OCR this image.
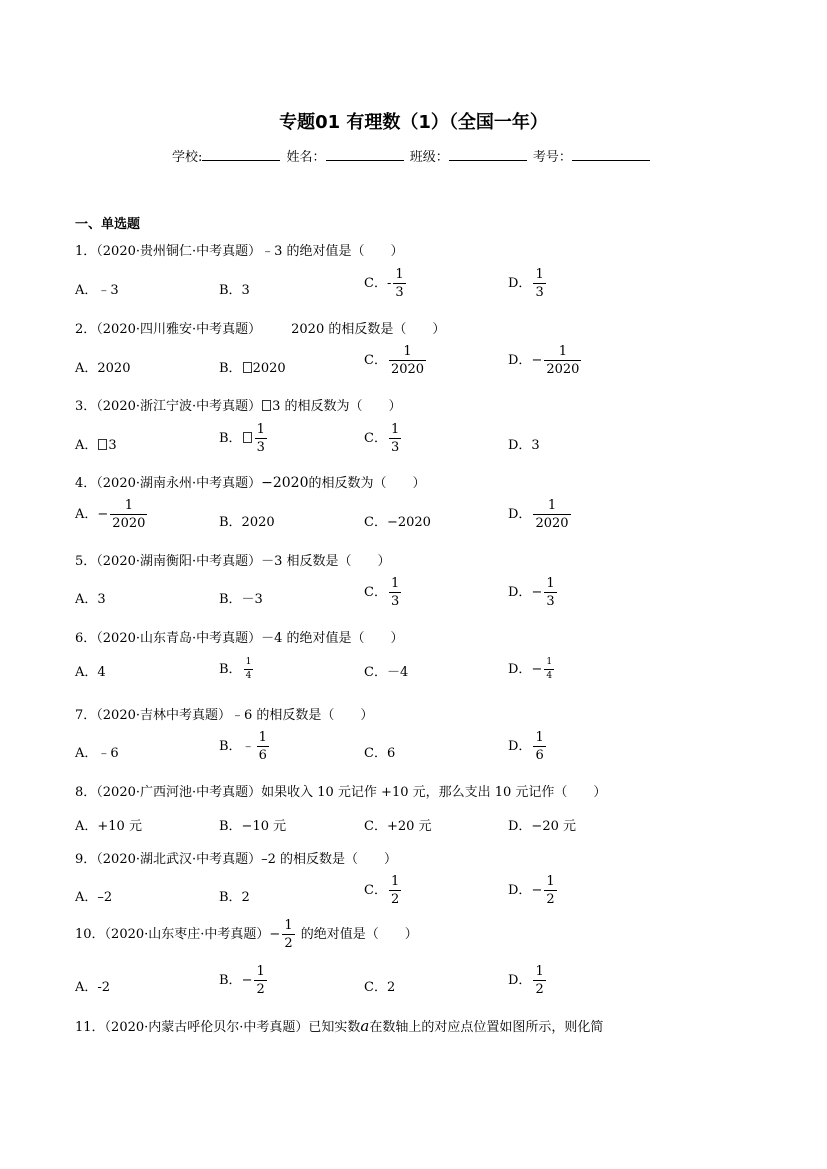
专题01 有理数（1）（全国一年）
学校:	姓名：	班级：	考号：
一、单选题
1．（2020·贵州铜仁·中考真题）﹣3 的绝对值是（　　）
A．﹣3	B．3	C．- $\frac{1}{3}$	D． $\frac{1}{3}$
2．（2020·四川雅安·中考真题） 2020 的相反数是（　　）
A．2020	B． 2020
C． $\frac{1}{2020}$	D．− $\frac{1}{2020}$
3．（2020·浙江宁波·中考真题） 3 的相反数为（　　）
A． 3	B． $\frac{1}{3}$	C． $\frac{1}{3}$	D．3
4．（2020·湖南永州·中考真题）−2020的相反数为（　　）
A．− $\frac{1}{2020}$	B．2020	C．−2020
D． $\frac{1}{2020}$
5．（2020·湖南衡阳·中考真题）－3 相反数是（　　）
A．3	B．－3	C． $\frac{1}{3}$	D．− $\frac{1}{3}$
6．（2020·山东青岛·中考真题）－4 的绝对值是（　　）
A．4	B． $\frac{1}{4}$	C．－4	D．− $\frac{1}{4}$
7．（2020·吉林中考真题）﹣6 的相反数是（　　）
A．﹣6	B．﹣ $\frac{1}{6}$	C．6	D． $\frac{1}{6}$
8．（2020·广西河池·中考真题）如果收入 10 元记作 +10 元，那么支出 10 元记作（　　）
A．+10 元	B．−10 元	C．+20 元	D．−20 元
9．（2020·湖北武汉·中考真题）–2 的相反数是（　　）
A．–2	B．2	C． $\frac{1}{2}$	D．− $\frac{1}{2}$
10．（2020·山东枣庄·中考真题）− $\frac{1}{2}$ 的绝对值是（　　）
A．-2	B．− $\frac{1}{2}$	C．2	D． $\frac{1}{2}$
11．（2020·内蒙古呼伦贝尔·中考真题）已知实数a在数轴上的对应点位置如图所示，则化简
